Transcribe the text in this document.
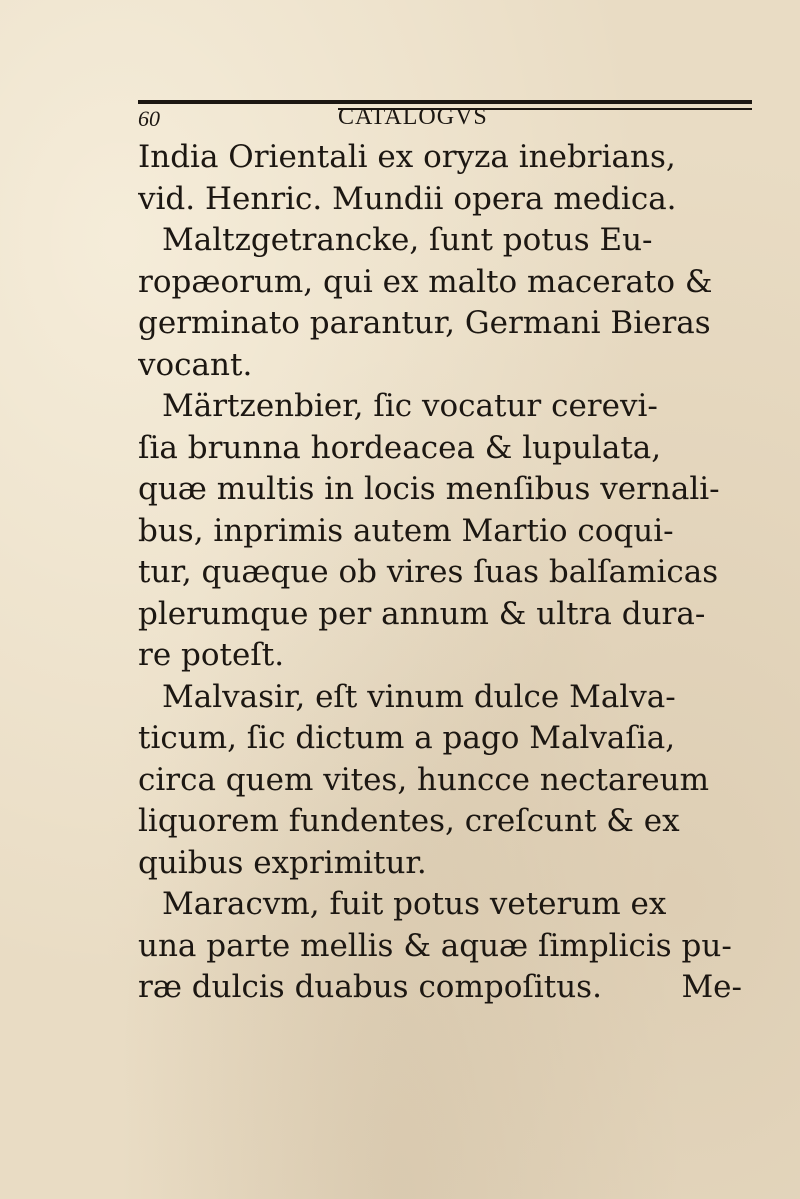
60	CATALOGVS
India Orientali ex oryza inebrians,
vid. Henric. Mundii opera medica.
Maltzgetrancke, ſunt potus Eu-
ropæorum, qui ex malto macerato &
germinato parantur, Germani Bieras
vocant.
Märtzenbier, ſic vocatur cerevi-
ſia brunna hordeacea & lupulata,
quæ multis in locis menſibus vernali-
bus, inprimis autem Martio coqui-
tur, quæque ob vires ſuas balſamicas
plerumque per annum & ultra dura-
re poteſt.
Malvasir, eſt vinum dulce Malva-
ticum, ſic dictum a pago Malvaſia,
circa quem vites, huncce nectareum
liquorem fundentes, creſcunt & ex
quibus exprimitur.
Maracvm, fuit potus veterum ex
una parte mellis & aquæ ſimplicis pu-
ræ dulcis duabus compoſitus.	Me-
